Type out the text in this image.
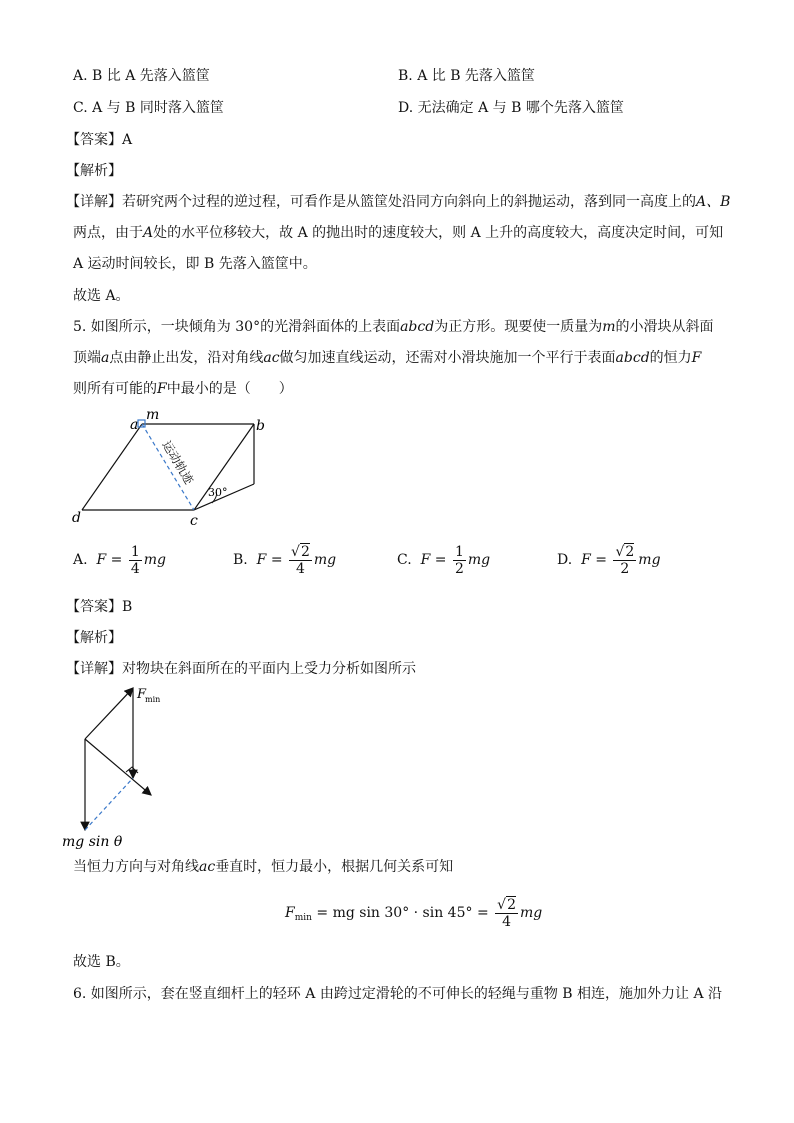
A. B 比 A 先落入篮筐	B. A 比 B 先落入篮筐
C. A 与 B 同时落入篮筐	D. 无法确定 A 与 B 哪个先落入篮筐
【答案】A
【解析】
【详解】若研究两个过程的逆过程，可看作是从篮筐处沿同方向斜向上的斜抛运动，落到同一高度上的A、B
两点，由于A处的水平位移较大，故 A 的抛出时的速度较大，则 A 上升的高度较大，高度决定时间，可知
A 运动时间较长，即 B 先落入篮筐中。
故选 A。
5. 如图所示，一块倾角为 30°的光滑斜面体的上表面abcd为正方形。现要使一质量为m的小滑块从斜面
顶端a点由静止出发，沿对角线ac做匀加速直线运动，还需对小滑块施加一个平行于表面abcd的恒力F
则所有可能的F中最小的是（　　）
a
m
b
c
d
30°
运动轨迹
A. $F = \frac{1}{4}$ mg	B. $F = \frac{√2}{4}$ mg	C. $F = \frac{1}{2}$ mg	D. $F = \frac{√2}{2}$ mg
【答案】B
【解析】
【详解】对物块在斜面所在的平面内上受力分析如图所示
F
min
mg sin θ
当恒力方向与对角线ac垂直时，恒力最小，根据几何关系可知
$F_{min}$ = mg $\sin 30^\circ \cdot \sin 45^\circ = \frac{√2}{4}$ mg
故选 B。
6. 如图所示，套在竖直细杆上的轻环 A 由跨过定滑轮的不可伸长的轻绳与重物 B 相连，施加外力让 A 沿
